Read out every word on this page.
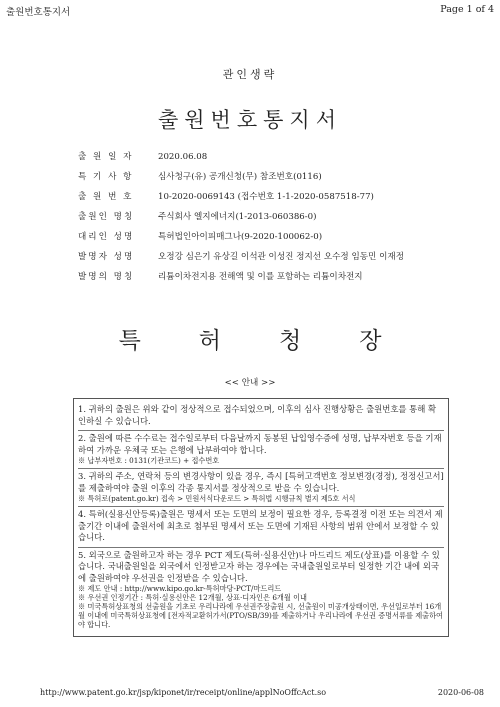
출원번호통지서	Page 1 of 4
관인생략
출원번호통지서
출 원 일 자	2020.06.08
특 기 사 항	심사청구(유) 공개신청(무) 참조번호(0116)
출 원 번 호	10-2020-0069143 (접수번호 1-1-2020-0587518-77)
출원인 명칭	주식회사 엘지에너지(1-2013-060386-0)
대리인 성명	특허법인아이피매그나(9-2020-100062-0)
발명자 성명	오정강 심은기 유상길 이석관 이성진 정지선 오수정 임동민 이재정
발명의 명칭	리튬이차전지용 전해액 및 이를 포함하는 리튬이차전지
특	허	청	장
<< 안내 >>
1. 귀하의 출원은 위와 같이 정상적으로 접수되었으며, 이후의 심사 진행상황은 출원번호를 통해 확인하실 수 있습니다.
2. 출원에 따른 수수료는 접수일로부터 다음날까지 동봉된 납입영수증에 성명, 납부자번호 등을 기재하여 가까운 우체국 또는 은행에 납부하여야 합니다.
※ 납부자번호 : 0131(기관코드) + 접수번호
3. 귀하의 주소, 연락처 등의 변경사항이 있을 경우, 즉시 [특허고객번호 정보변경(경정), 정정신고서]를 제출하여야 출원 이후의 각종 통지서를 정상적으로 받을 수 있습니다.
※ 특허로(patent.go.kr) 접속 > 민원서식다운로드 > 특허법 시행규칙 별지 제5호 서식
4. 특허(실용신안등록)출원은 명세서 또는 도면의 보정이 필요한 경우, 등록결정 이전 또는 의견서 제출기간 이내에 출원서에 최초로 첨부된 명세서 또는 도면에 기재된 사항의 범위 안에서 보정할 수 있습니다.
5. 외국으로 출원하고자 하는 경우 PCT 제도(특허·실용신안)나 마드리드 제도(상표)를 이용할 수 있습니다. 국내출원일을 외국에서 인정받고자 하는 경우에는 국내출원일로부터 일정한 기간 내에 외국에 출원하여야 우선권을 인정받을 수 있습니다.
※ 제도 안내 : http://www.kipo.go.kr-특허마당-PCT/마드리드
※ 우선권 인정기간 : 특허·실용신안은 12개월, 상표·디자인은 6개월 이내
※ 미국특허상표청의 선출원을 기초로 우리나라에 우선권주장출원 시, 선출원이 미공개상태이면, 우선일로부터 16개월 이내에 미국특허상표청에 [전자적교환허가서(PTO/SB/39)를 제출하거나 우리나라에 우선권 증명서류를 제출하여야 합니다.
http://www.patent.go.kr/jsp/kiponet/ir/receipt/online/applNoOffcAct.so	2020-06-08
